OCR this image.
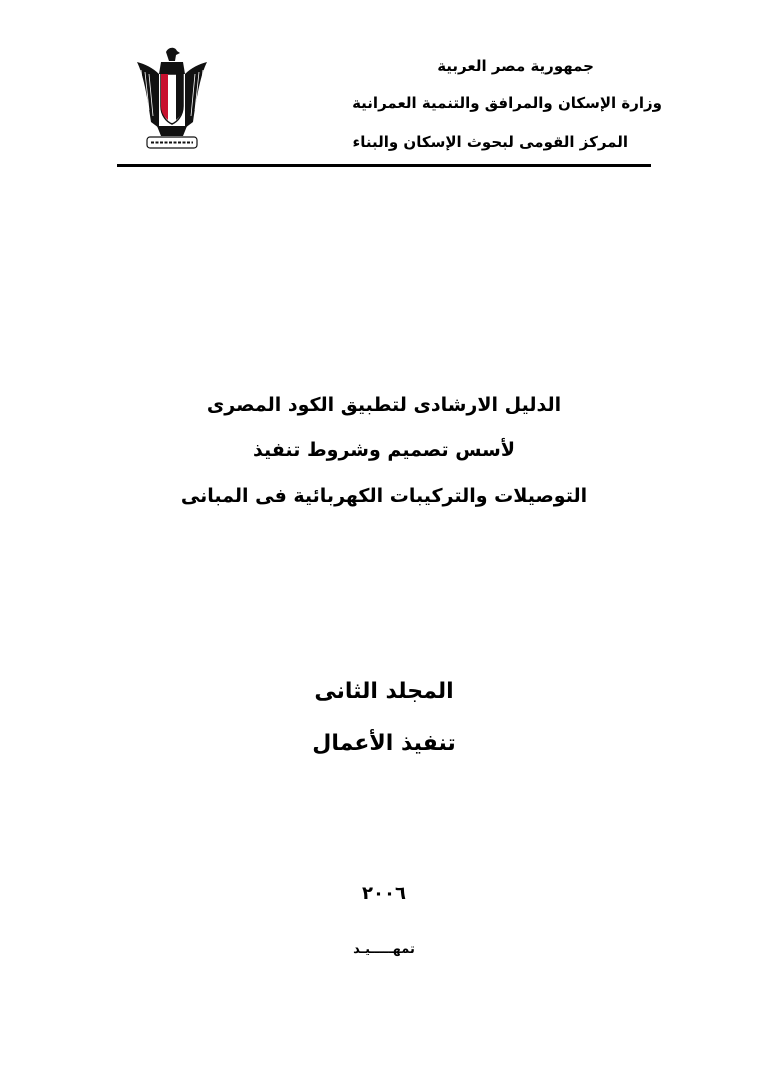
جمهورية مصر العربية
وزارة الإسكان والمرافق والتنمية العمرانية
المركز القومى لبحوث الإسكان والبناء
الدليل الارشادى لتطبيق الكود المصرى
لأسس تصميم وشروط تنفيذ
التوصيلات والتركيبات الكهربائية فى المبانى
المجلد الثانى
تنفيذ الأعمال
٢٠٠٦
تمهـــــيـد
